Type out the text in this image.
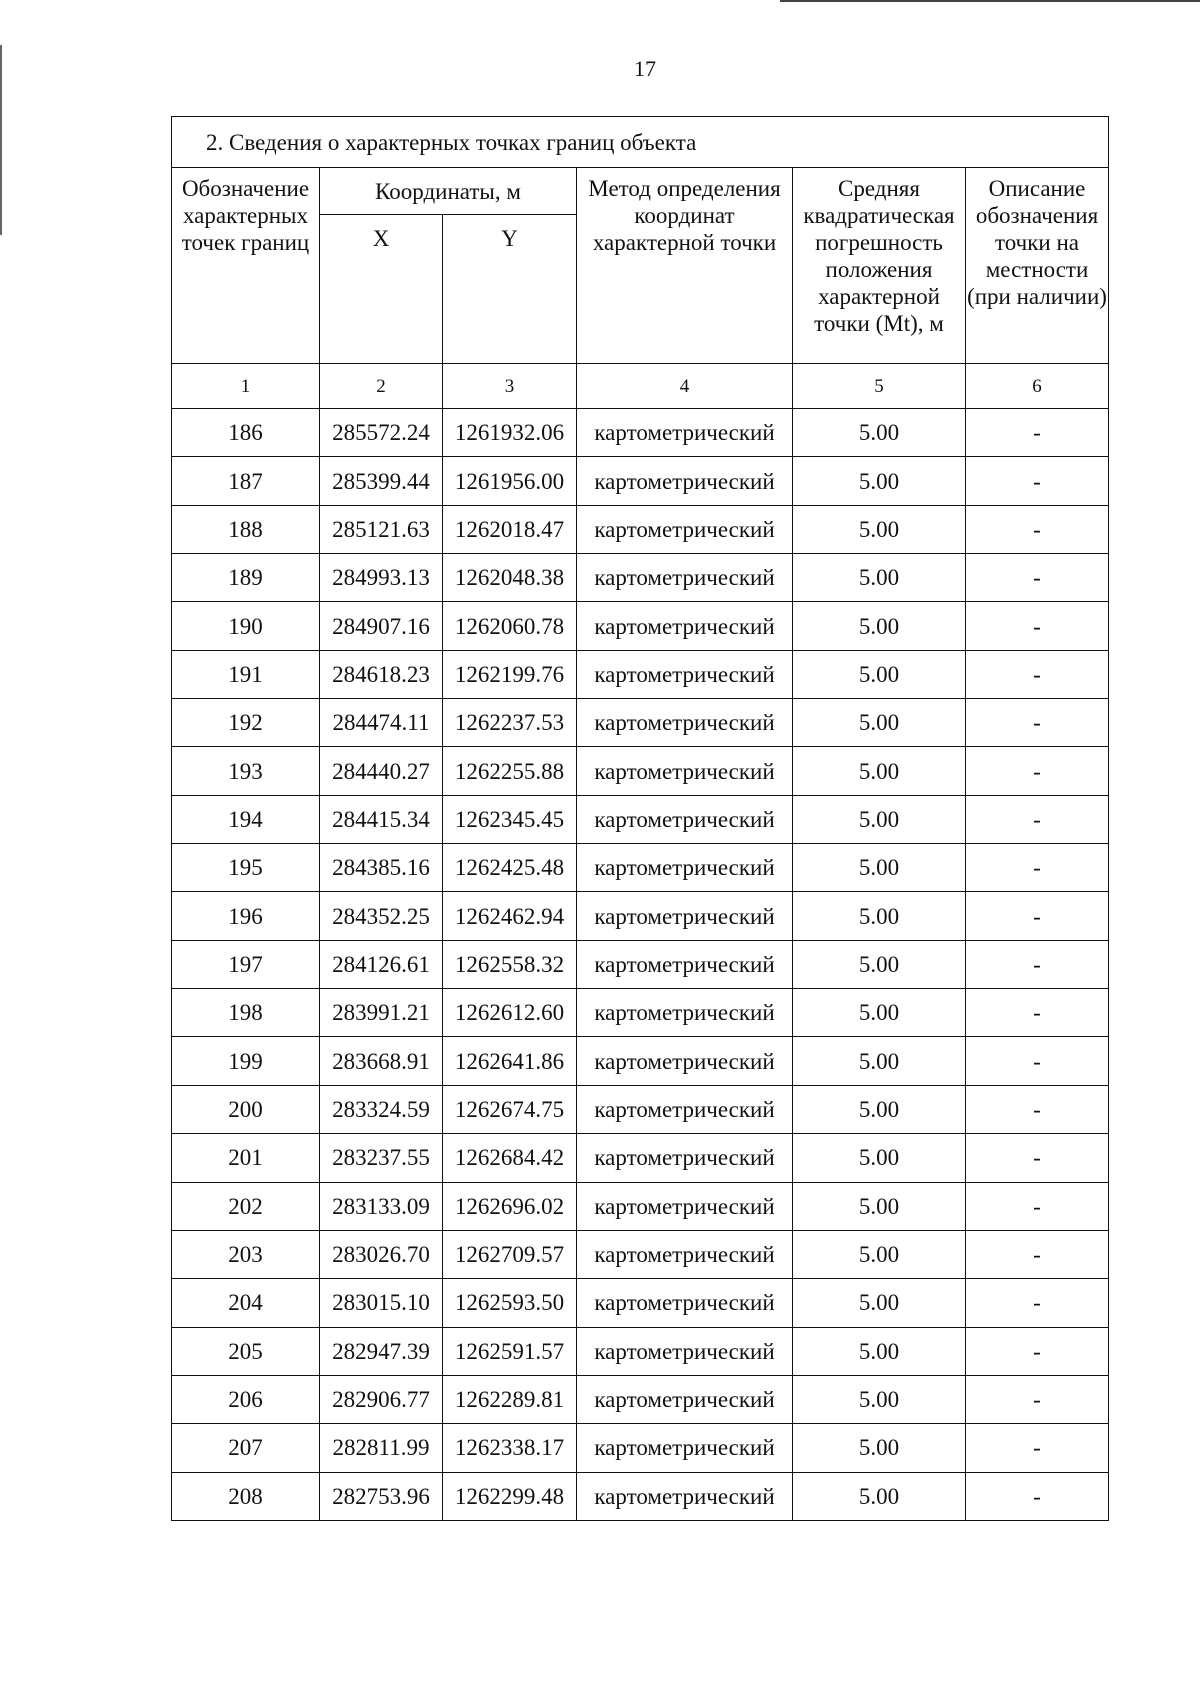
17
2. Сведения о характерных точках границ объекта					
Обозначение характерных точек границ	Координаты, м		Метод определения координат характерной точки	Средняя квадратическая погрешность положения характерной точки (Mt), м	Описание обозначения точки на местности (при наличии)
	X	Y			
1	2	3	4	5	6
186	285572.24	1261932.06	картометрический	5.00	-
187	285399.44	1261956.00	картометрический	5.00	-
188	285121.63	1262018.47	картометрический	5.00	-
189	284993.13	1262048.38	картометрический	5.00	-
190	284907.16	1262060.78	картометрический	5.00	-
191	284618.23	1262199.76	картометрический	5.00	-
192	284474.11	1262237.53	картометрический	5.00	-
193	284440.27	1262255.88	картометрический	5.00	-
194	284415.34	1262345.45	картометрический	5.00	-
195	284385.16	1262425.48	картометрический	5.00	-
196	284352.25	1262462.94	картометрический	5.00	-
197	284126.61	1262558.32	картометрический	5.00	-
198	283991.21	1262612.60	картометрический	5.00	-
199	283668.91	1262641.86	картометрический	5.00	-
200	283324.59	1262674.75	картометрический	5.00	-
201	283237.55	1262684.42	картометрический	5.00	-
202	283133.09	1262696.02	картометрический	5.00	-
203	283026.70	1262709.57	картометрический	5.00	-
204	283015.10	1262593.50	картометрический	5.00	-
205	282947.39	1262591.57	картометрический	5.00	-
206	282906.77	1262289.81	картометрический	5.00	-
207	282811.99	1262338.17	картометрический	5.00	-
208	282753.96	1262299.48	картометрический	5.00	-
